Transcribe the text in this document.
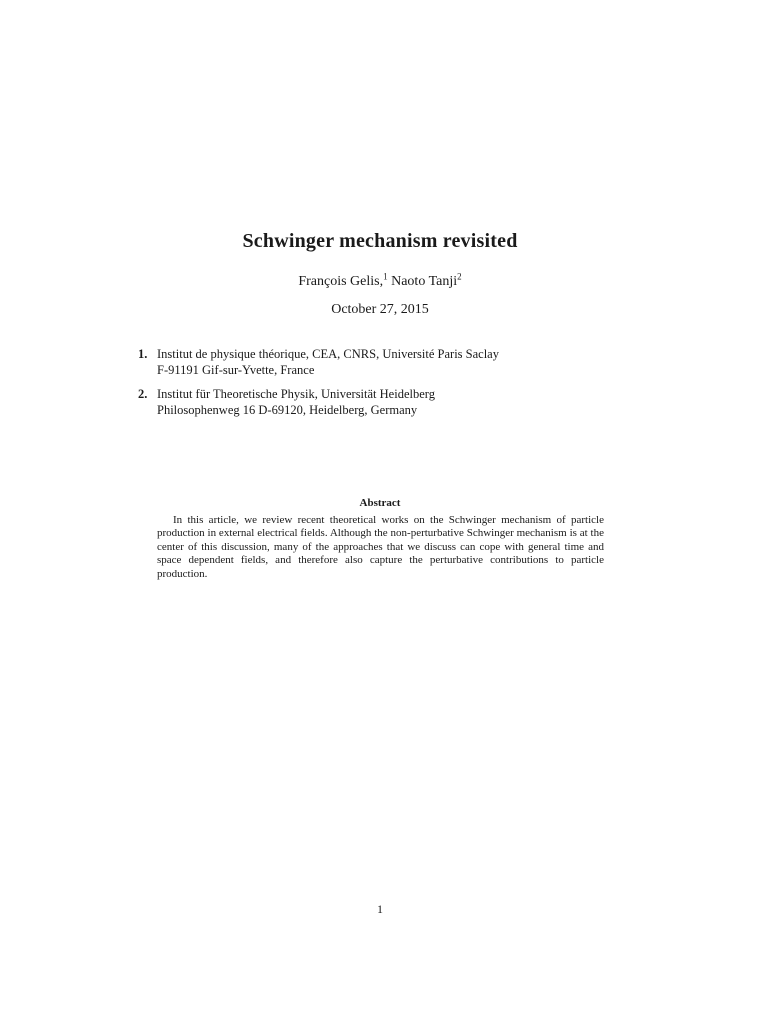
Schwinger mechanism revisited
François Gelis,$^1$ Naoto Tanji$^2$
October 27, 2015
1. Institut de physique théorique, CEA, CNRS, Université Paris Saclay
F-91191 Gif-sur-Yvette, France
2. Institut für Theoretische Physik, Universität Heidelberg
Philosophenweg 16 D-69120, Heidelberg, Germany
Abstract

In this article, we review recent theoretical works on the Schwinger mechanism of particle production in external electrical fields. Although the non-perturbative Schwinger mechanism is at the center of this discussion, many of the approaches that we discuss can cope with general time and space dependent fields, and therefore also capture the perturbative contributions to particle production.

1
